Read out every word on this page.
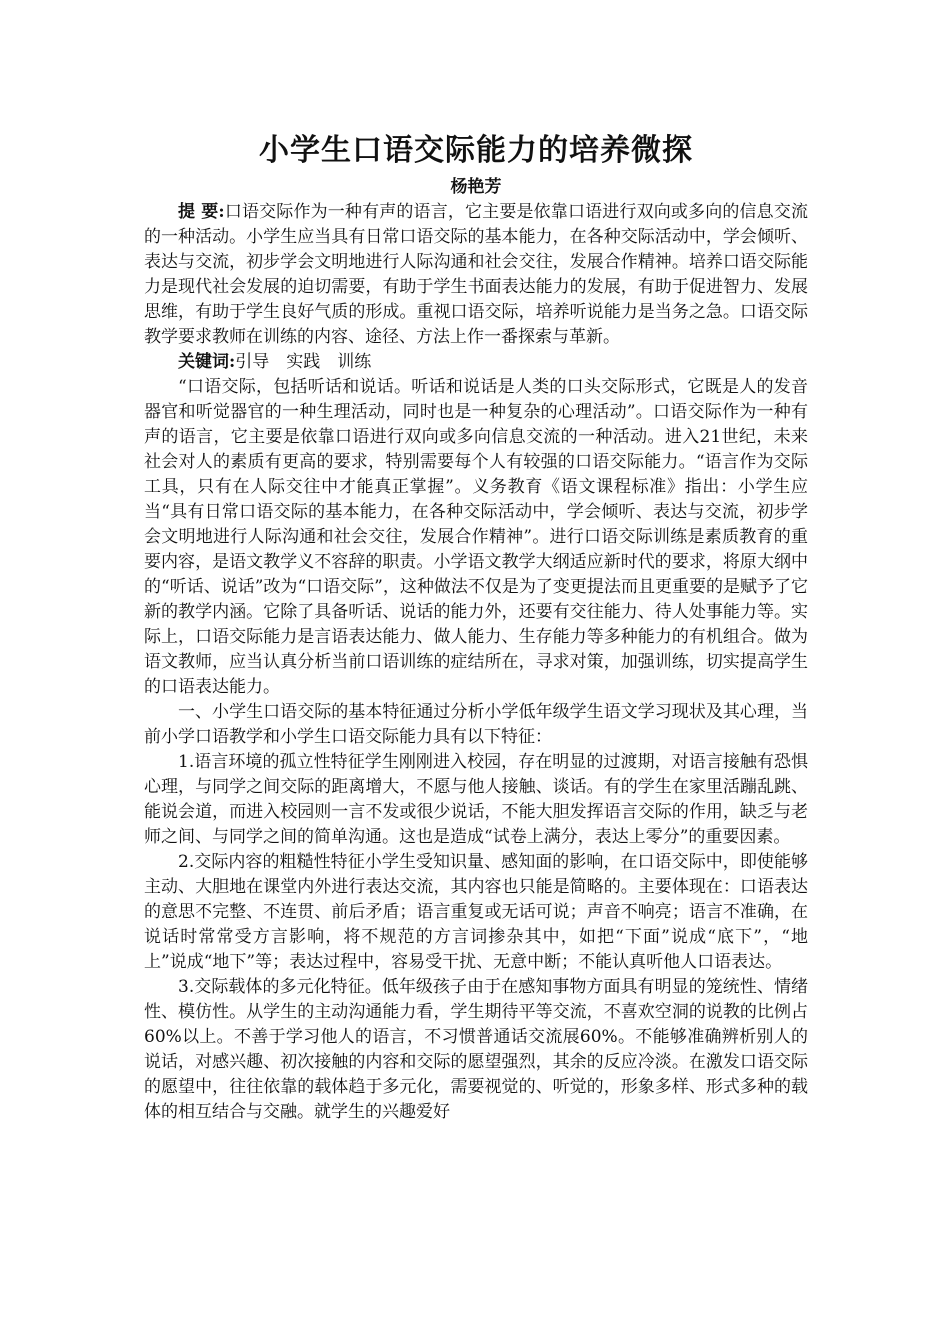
小学生口语交际能力的培养微探
杨艳芳

提 要:口语交际作为一种有声的语言，它主要是依靠口语进行双向或多向的信息交流的一种活动。小学生应当具有日常口语交际的基本能力，在各种交际活动中，学会倾听、表达与交流，初步学会文明地进行人际沟通和社会交往，发展合作精神。培养口语交际能力是现代社会发展的迫切需要，有助于学生书面表达能力的发展，有助于促进智力、发展思维，有助于学生良好气质的形成。重视口语交际，培养听说能力是当务之急。口语交际教学要求教师在训练的内容、途径、方法上作一番探索与革新。

关键词:引导　实践　训练

“口语交际，包括听话和说话。听话和说话是人类的口头交际形式，它既是人的发音器官和听觉器官的一种生理活动，同时也是一种复杂的心理活动”。口语交际作为一种有声的语言，它主要是依靠口语进行双向或多向信息交流的一种活动。进入21世纪，未来社会对人的素质有更高的要求，特别需要每个人有较强的口语交际能力。“语言作为交际工具，只有在人际交往中才能真正掌握”。义务教育《语文课程标准》指出：小学生应当“具有日常口语交际的基本能力，在各种交际活动中，学会倾听、表达与交流，初步学会文明地进行人际沟通和社会交往，发展合作精神”。进行口语交际训练是素质教育的重要内容，是语文教学义不容辞的职责。小学语文教学大纲适应新时代的要求，将原大纲中的“听话、说话”改为“口语交际”，这种做法不仅是为了变更提法而且更重要的是赋予了它新的教学内涵。它除了具备听话、说话的能力外，还要有交往能力、待人处事能力等。实际上，口语交际能力是言语表达能力、做人能力、生存能力等多种能力的有机组合。做为语文教师，应当认真分析当前口语训练的症结所在，寻求对策，加强训练，切实提高学生的口语表达能力。

一、小学生口语交际的基本特征通过分析小学低年级学生语文学习现状及其心理，当前小学口语教学和小学生口语交际能力具有以下特征：

1.语言环境的孤立性特征学生刚刚进入校园，存在明显的过渡期，对语言接触有恐惧心理，与同学之间交际的距离增大，不愿与他人接触、谈话。有的学生在家里活蹦乱跳、能说会道，而进入校园则一言不发或很少说话，不能大胆发挥语言交际的作用，缺乏与老师之间、与同学之间的简单沟通。这也是造成“试卷上满分，表达上零分”的重要因素。

2.交际内容的粗糙性特征小学生受知识量、感知面的影响，在口语交际中，即使能够主动、大胆地在课堂内外进行表达交流，其内容也只能是简略的。主要体现在：口语表达的意思不完整、不连贯、前后矛盾；语言重复或无话可说；声音不响亮；语言不准确，在说话时常常受方言影响，将不规范的方言词掺杂其中，如把“下面”说成“底下”，“地上”说成“地下”等；表达过程中，容易受干扰、无意中断；不能认真听他人口语表达。

3.交际载体的多元化特征。低年级孩子由于在感知事物方面具有明显的笼统性、情绪性、模仿性。从学生的主动沟通能力看，学生期待平等交流，不喜欢空洞的说教的比例占60%以上。不善于学习他人的语言，不习惯普通话交流展60%。不能够准确辨析别人的说话，对感兴趣、初次接触的内容和交际的愿望强烈，其余的反应冷淡。在激发口语交际的愿望中，往往依靠的载体趋于多元化，需要视觉的、听觉的，形象多样、形式多种的载体的相互结合与交融。就学生的兴趣爱好
